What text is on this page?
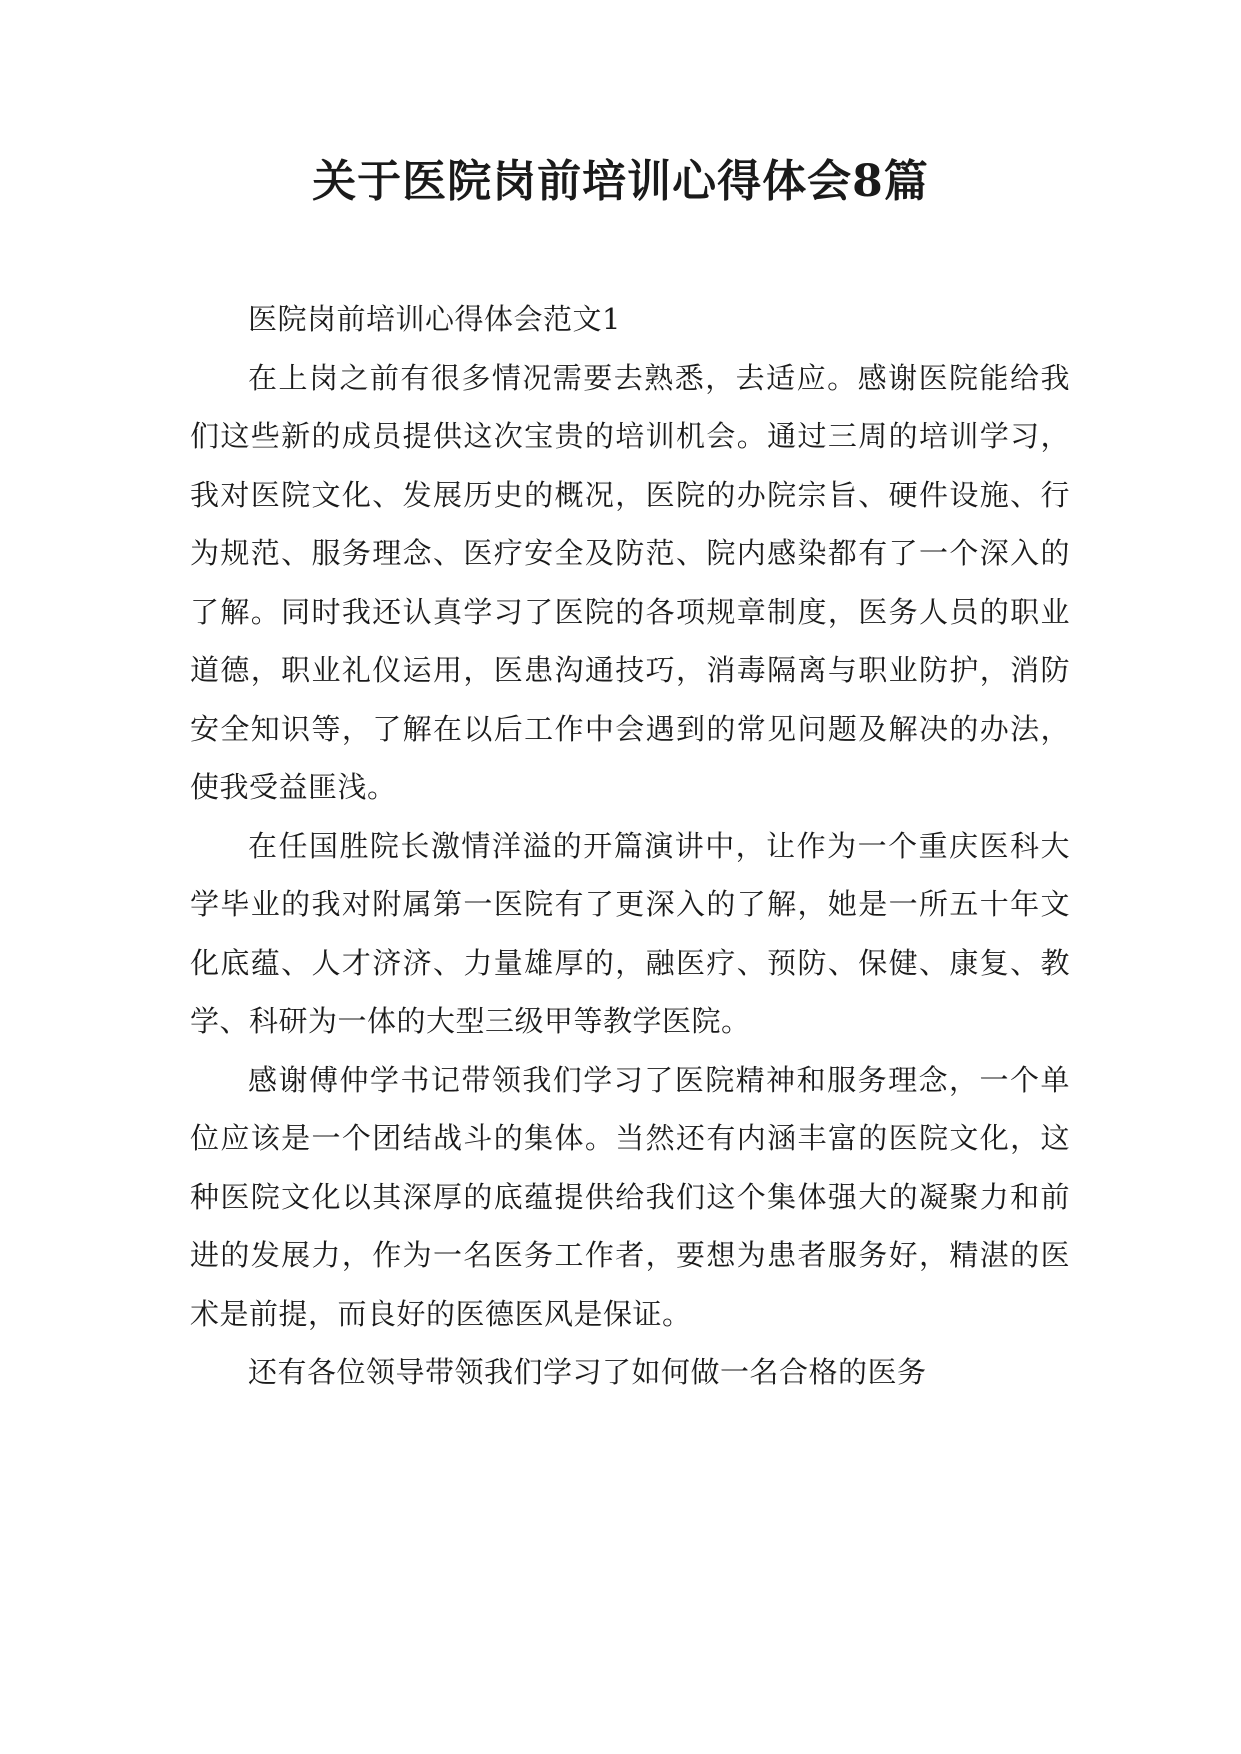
关于医院岗前培训心得体会8篇

医院岗前培训心得体会范文1

在上岗之前有很多情况需要去熟悉，去适应。感谢医院能给我们这些新的成员提供这次宝贵的培训机会。通过三周的培训学习，我对医院文化、发展历史的概况，医院的办院宗旨、硬件设施、行为规范、服务理念、医疗安全及防范、院内感染都有了一个深入的了解。同时我还认真学习了医院的各项规章制度，医务人员的职业道德，职业礼仪运用，医患沟通技巧，消毒隔离与职业防护，消防安全知识等，了解在以后工作中会遇到的常见问题及解决的办法，使我受益匪浅。

在任国胜院长激情洋溢的开篇演讲中，让作为一个重庆医科大学毕业的我对附属第一医院有了更深入的了解，她是一所五十年文化底蕴、人才济济、力量雄厚的，融医疗、预防、保健、康复、教学、科研为一体的大型三级甲等教学医院。

感谢傅仲学书记带领我们学习了医院精神和服务理念，一个单位应该是一个团结战斗的集体。当然还有内涵丰富的医院文化，这种医院文化以其深厚的底蕴提供给我们这个集体强大的凝聚力和前进的发展力，作为一名医务工作者，要想为患者服务好，精湛的医术是前提，而良好的医德医风是保证。

还有各位领导带领我们学习了如何做一名合格的医务
